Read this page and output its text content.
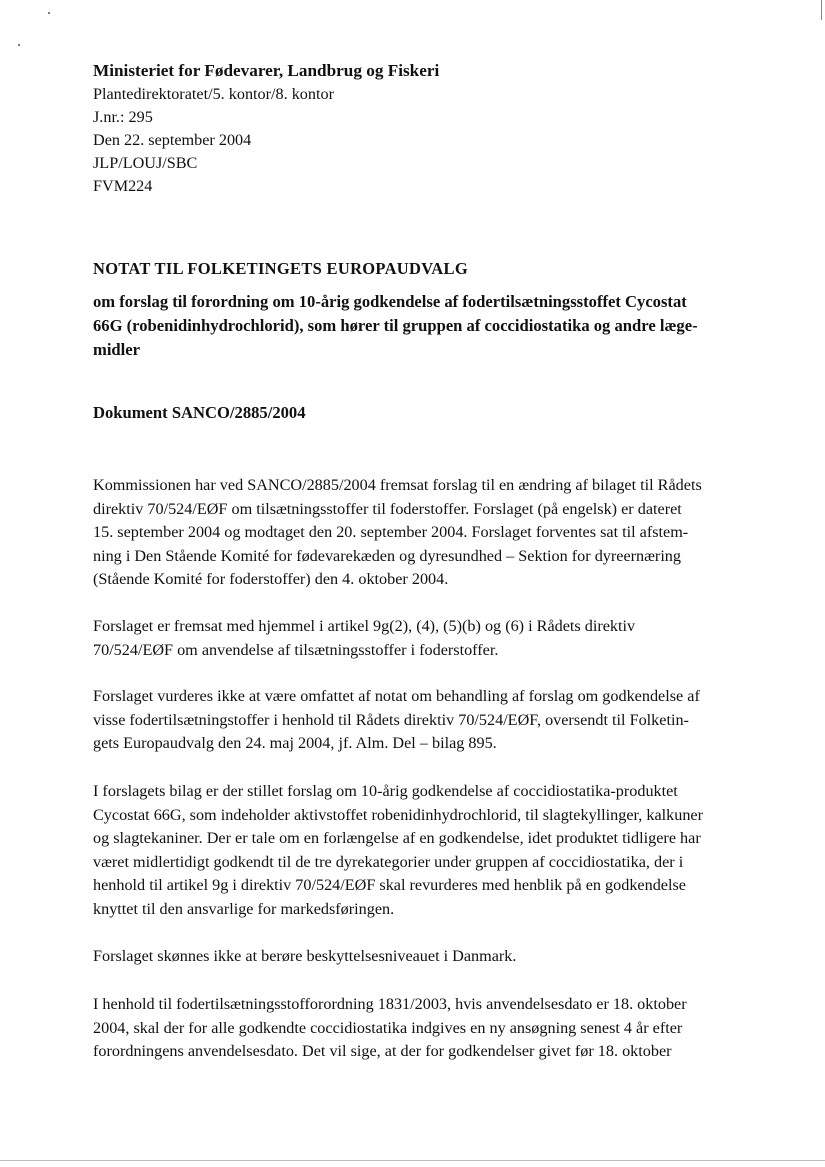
Ministeriet for Fødevarer, Landbrug og Fiskeri
Plantedirektoratet/5. kontor/8. kontor
J.nr.: 295
Den 22. september 2004
JLP/LOUJ/SBC
FVM224
NOTAT TIL FOLKETINGETS EUROPAUDVALG
om forslag til forordning om 10-årig godkendelse af fodertilsætningsstoffet Cycostat
66G (robenidinhydrochlorid), som hører til gruppen af coccidiostatika og andre læge-
midler
Dokument SANCO/2885/2004
Kommissionen har ved SANCO/2885/2004 fremsat forslag til en ændring af bilaget til Rådets
direktiv 70/524/EØF om tilsætningsstoffer til foderstoffer. Forslaget (på engelsk) er dateret
15. september 2004 og modtaget den 20. september 2004. Forslaget forventes sat til afstem-
ning i Den Stående Komité for fødevarekæden og dyresundhed – Sektion for dyreernæring
(Stående Komité for foderstoffer) den 4. oktober 2004.
Forslaget er fremsat med hjemmel i artikel 9g(2), (4), (5)(b) og (6) i Rådets direktiv
70/524/EØF om anvendelse af tilsætningsstoffer i foderstoffer.
Forslaget vurderes ikke at være omfattet af notat om behandling af forslag om godkendelse af
visse fodertilsætningstoffer i henhold til Rådets direktiv 70/524/EØF, oversendt til Folketin-
gets Europaudvalg den 24. maj 2004, jf. Alm. Del – bilag 895.
I forslagets bilag er der stillet forslag om 10-årig godkendelse af coccidiostatika-produktet
Cycostat 66G, som indeholder aktivstoffet robenidinhydrochlorid, til slagtekyllinger, kalkuner
og slagtekaniner. Der er tale om en forlængelse af en godkendelse, idet produktet tidligere har
været midlertidigt godkendt til de tre dyrekategorier under gruppen af coccidiostatika, der i
henhold til artikel 9g i direktiv 70/524/EØF skal revurderes med henblik på en godkendelse
knyttet til den ansvarlige for markedsføringen.
Forslaget skønnes ikke at berøre beskyttelsesniveauet i Danmark.
I henhold til fodertilsætningsstofforordning 1831/2003, hvis anvendelsesdato er 18. oktober
2004, skal der for alle godkendte coccidiostatika indgives en ny ansøgning senest 4 år efter
forordningens anvendelsesdato. Det vil sige, at der for godkendelser givet før 18. oktober
